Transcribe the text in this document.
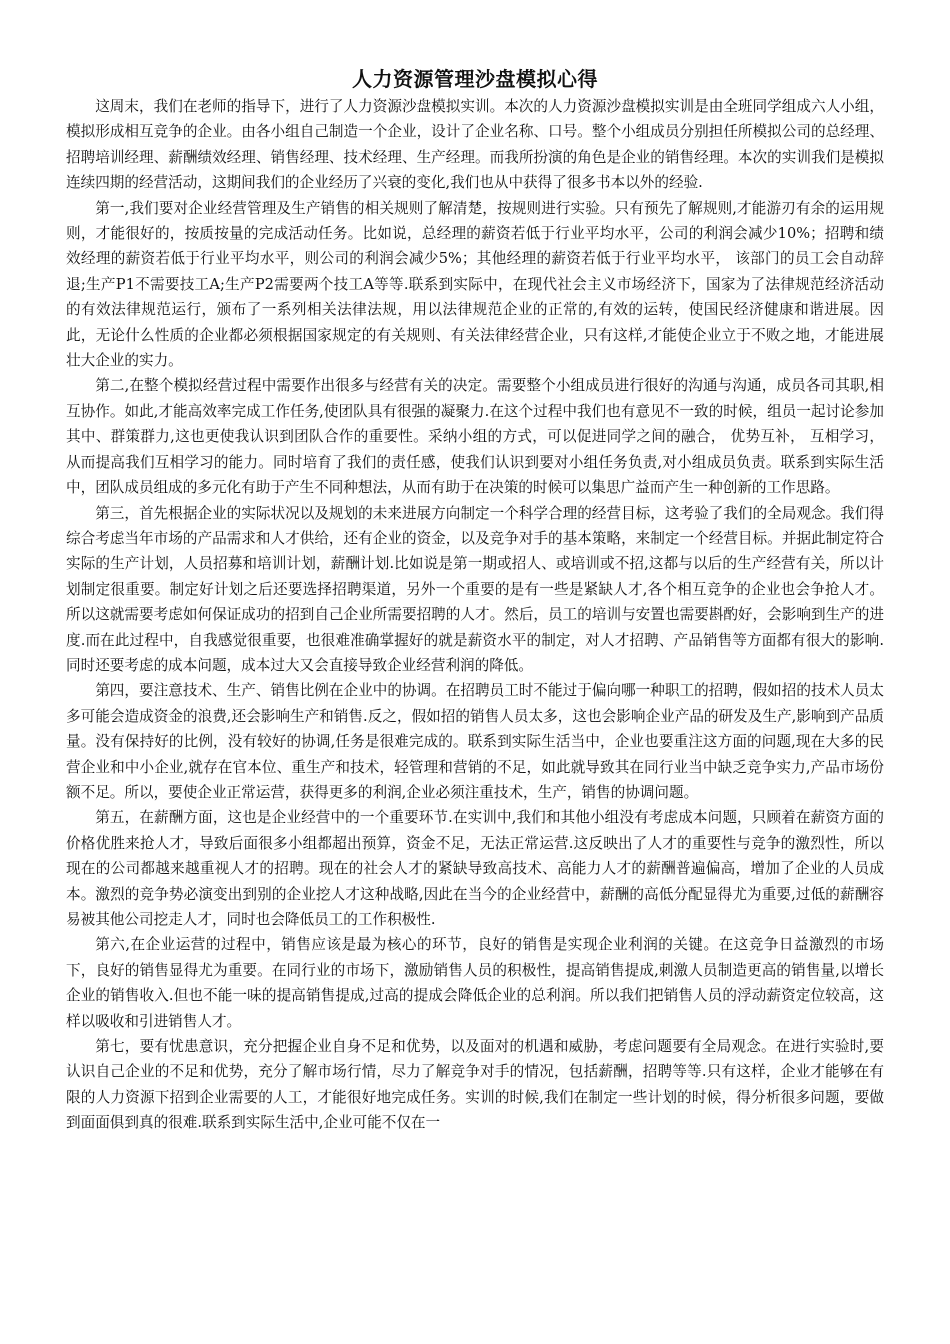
人力资源管理沙盘模拟心得

这周末，我们在老师的指导下，进行了人力资源沙盘模拟实训。本次的人力资源沙盘模拟实训是由全班同学组成六人小组，模拟形成相互竞争的企业。由各小组自己制造一个企业，设计了企业名称、口号。整个小组成员分别担任所模拟公司的总经理、招聘培训经理、薪酬绩效经理、销售经理、技术经理、生产经理。而我所扮演的角色是企业的销售经理。本次的实训我们是模拟连续四期的经营活动，这期间我们的企业经历了兴衰的变化,我们也从中获得了很多书本以外的经验.

第一,我们要对企业经营管理及生产销售的相关规则了解清楚，按规则进行实验。只有预先了解规则,才能游刃有余的运用规则，才能很好的，按质按量的完成活动任务。比如说，总经理的薪资若低于行业平均水平，公司的利润会减少10%；招聘和绩效经理的薪资若低于行业平均水平，则公司的利润会减少5%；其他经理的薪资若低于行业平均水平， 该部门的员工会自动辞退;生产P1不需要技工A;生产P2需要两个技工A等等.联系到实际中，在现代社会主义市场经济下，国家为了法律规范经济活动的有效法律规范运行，颁布了一系列相关法律法规，用以法律规范企业的正常的,有效的运转，使国民经济健康和谐进展。因此，无论什么性质的企业都必须根据国家规定的有关规则、有关法律经营企业，只有这样,才能使企业立于不败之地，才能进展壮大企业的实力。

第二,在整个模拟经营过程中需要作出很多与经营有关的决定。需要整个小组成员进行很好的沟通与沟通，成员各司其职,相互协作。如此,才能高效率完成工作任务,使团队具有很强的凝聚力.在这个过程中我们也有意见不一致的时候，组员一起讨论参加其中、群策群力,这也更使我认识到团队合作的重要性。采纳小组的方式，可以促进同学之间的融合， 优势互补， 互相学习， 从而提高我们互相学习的能力。同时培育了我们的责任感，使我们认识到要对小组任务负责,对小组成员负责。联系到实际生活中，团队成员组成的多元化有助于产生不同种想法，从而有助于在决策的时候可以集思广益而产生一种创新的工作思路。

第三，首先根据企业的实际状况以及规划的未来进展方向制定一个科学合理的经营目标，这考验了我们的全局观念。我们得综合考虑当年市场的产品需求和人才供给，还有企业的资金，以及竞争对手的基本策略，来制定一个经营目标。并据此制定符合实际的生产计划，人员招募和培训计划，薪酬计划.比如说是第一期或招人、或培训或不招,这都与以后的生产经营有关，所以计划制定很重要。制定好计划之后还要选择招聘渠道，另外一个重要的是有一些是紧缺人才,各个相互竞争的企业也会争抢人才。所以这就需要考虑如何保证成功的招到自己企业所需要招聘的人才。然后，员工的培训与安置也需要斟酌好，会影响到生产的进度.而在此过程中，自我感觉很重要，也很难准确掌握好的就是薪资水平的制定，对人才招聘、产品销售等方面都有很大的影响.同时还要考虑的成本问题，成本过大又会直接导致企业经营利润的降低。

第四，要注意技术、生产、销售比例在企业中的协调。在招聘员工时不能过于偏向哪一种职工的招聘，假如招的技术人员太多可能会造成资金的浪费,还会影响生产和销售.反之，假如招的销售人员太多，这也会影响企业产品的研发及生产,影响到产品质量。没有保持好的比例，没有较好的协调,任务是很难完成的。联系到实际生活当中，企业也要重注这方面的问题,现在大多的民营企业和中小企业,就存在官本位、重生产和技术，轻管理和营销的不足，如此就导致其在同行业当中缺乏竞争实力,产品市场份额不足。所以，要使企业正常运营，获得更多的利润,企业必须注重技术，生产，销售的协调问题。

第五，在薪酬方面，这也是企业经营中的一个重要环节.在实训中,我们和其他小组没有考虑成本问题，只顾着在薪资方面的价格优胜来抢人才，导致后面很多小组都超出预算，资金不足，无法正常运营.这反映出了人才的重要性与竞争的激烈性，所以现在的公司都越来越重视人才的招聘。现在的社会人才的紧缺导致高技术、高能力人才的薪酬普遍偏高，增加了企业的人员成本。激烈的竞争势必演变出到别的企业挖人才这种战略,因此在当今的企业经营中，薪酬的高低分配显得尤为重要,过低的薪酬容易被其他公司挖走人才，同时也会降低员工的工作积极性.

第六,在企业运营的过程中，销售应该是最为核心的环节，良好的销售是实现企业利润的关键。在这竞争日益激烈的市场下，良好的销售显得尤为重要。在同行业的市场下，激励销售人员的积极性，提高销售提成,刺激人员制造更高的销售量,以增长企业的销售收入.但也不能一味的提高销售提成,过高的提成会降低企业的总利润。所以我们把销售人员的浮动薪资定位较高，这样以吸收和引进销售人才。

第七，要有忧患意识，充分把握企业自身不足和优势，以及面对的机遇和威胁，考虑问题要有全局观念。在进行实验时,要认识自己企业的不足和优势，充分了解市场行情，尽力了解竞争对手的情况，包括薪酬，招聘等等.只有这样，企业才能够在有限的人力资源下招到企业需要的人工，才能很好地完成任务。实训的时候,我们在制定一些计划的时候，得分析很多问题，要做到面面俱到真的很难.联系到实际生活中,企业可能不仅在一
